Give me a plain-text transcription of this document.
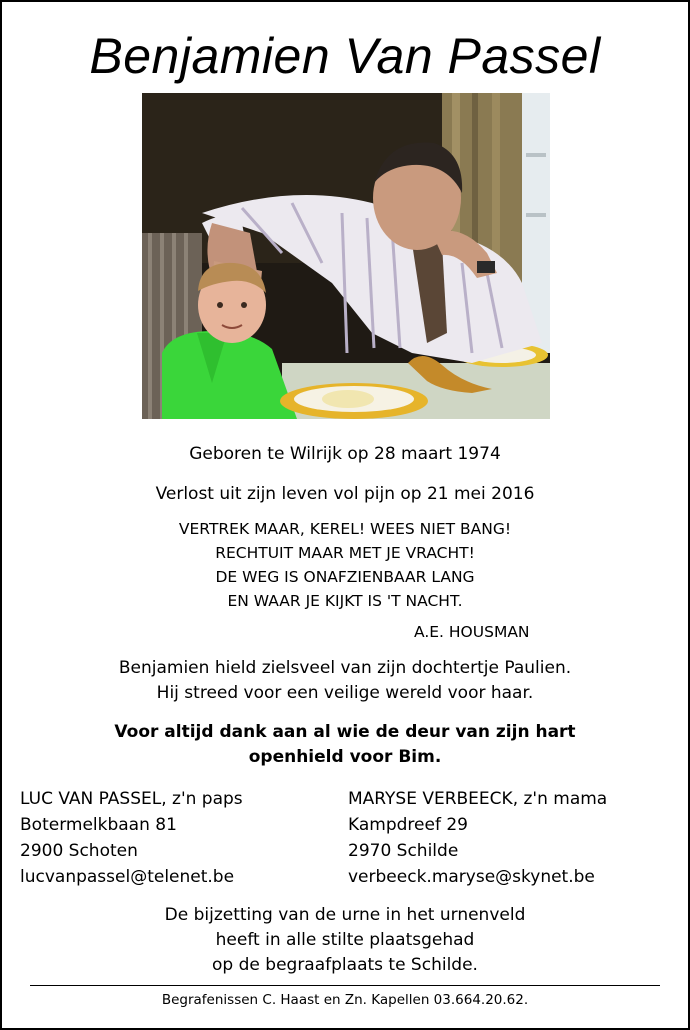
Benjamien Van Passel

Geboren te Wilrijk op 28 maart 1974

Verlost uit zijn leven vol pijn op 21 mei 2016

VERTREK MAAR, KEREL! WEES NIET BANG!
RECHTUIT MAAR MET JE VRACHT!
DE WEG IS ONAFZIENBAAR LANG
EN WAAR JE KIJKT IS 'T NACHT.
A.E. HOUSMAN
Benjamien hield zielsveel van zijn dochtertje Paulien.
Hij streed voor een veilige wereld voor haar.
Voor altijd dank aan al wie de deur van zijn hart
openhield voor Bim.
LUC VAN PASSEL, z'n paps
Botermelkbaan 81
2900 Schoten
lucvanpassel@telenet.be
MARYSE VERBEECK, z'n mama
Kampdreef 29
2970 Schilde
verbeeck.maryse@skynet.be
De bijzetting van de urne in het urnenveld
heeft in alle stilte plaatsgehad
op de begraafplaats te Schilde.
Begrafenissen C. Haast en Zn. Kapellen 03.664.20.62.
